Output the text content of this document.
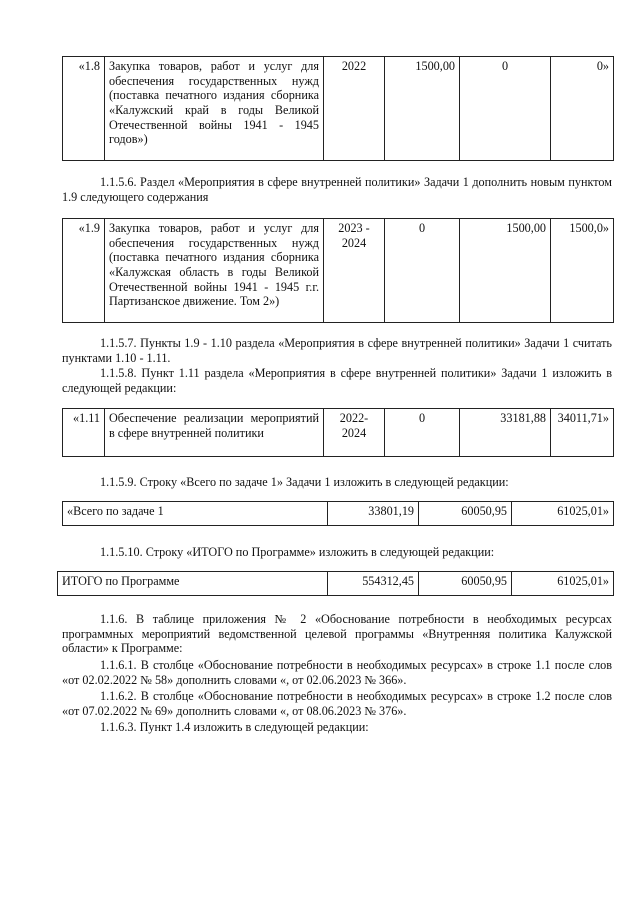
«1.8	Закупка товаров, работ и услуг для обеспечения государственных нужд (поставка печатного издания сборника «Калужский край в годы Великой Отечественной войны 1941 - 1945 годов»)	2022	1500,00	0	0»
1.1.5.6. Раздел «Мероприятия в сфере внутренней политики» Задачи 1 дополнить новым пунктом 1.9 следующего содержания
«1.9	Закупка товаров, работ и услуг для обеспечения государственных нужд (поставка печатного издания сборника «Калужская область в годы Великой Отечественной войны 1941 - 1945 г.г. Партизанское движение. Том 2»)	2023 - 2024	0	1500,00	1500,0»
1.1.5.7. Пункты 1.9 - 1.10 раздела «Мероприятия в сфере внутренней политики» Задачи 1 считать пунктами 1.10 - 1.11.
1.1.5.8. Пункт 1.11 раздела «Мероприятия в сфере внутренней политики» Задачи 1 изложить в следующей редакции:
«1.11	Обеспечение реализации мероприятий в сфере внутренней политики	2022- 2024	0	33181,88	34011,71»
1.1.5.9. Строку «Всего по задаче 1» Задачи 1 изложить в следующей редакции:
«Всего по задаче 1	33801,19	60050,95	61025,01»
1.1.5.10. Строку «ИТОГО по Программе» изложить в следующей редакции:
ИТОГО по Программе	554312,45	60050,95	61025,01»
1.1.6. В таблице приложения № 2 «Обоснование потребности в необходимых ресурсах программных мероприятий ведомственной целевой программы «Внутренняя политика Калужской области» к Программе:
1.1.6.1. В столбце «Обоснование потребности в необходимых ресурсах» в строке 1.1 после слов «от 02.02.2022 № 58» дополнить словами «, от 02.06.2023 № 366».
1.1.6.2. В столбце «Обоснование потребности в необходимых ресурсах» в строке 1.2 после слов «от 07.02.2022 № 69» дополнить словами «, от 08.06.2023 № 376».
1.1.6.3. Пункт 1.4 изложить в следующей редакции:
